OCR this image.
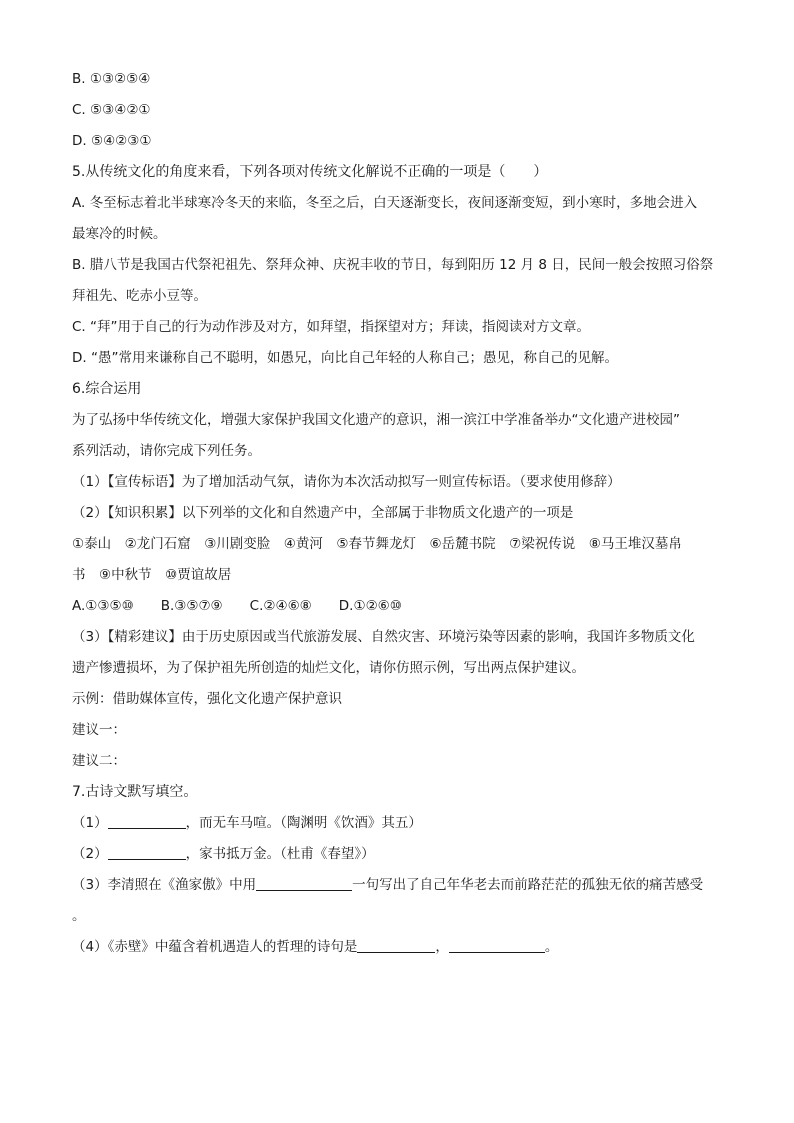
B. ①③②⑤④
C. ⑤③④②①
D. ⑤④②③①
5.从传统文化的角度来看，下列各项对传统文化解说不正确的一项是（　　）
A. 冬至标志着北半球寒冷冬天的来临，冬至之后，白天逐渐变长，夜间逐渐变短，到小寒时，多地会进入
最寒冷的时候。
B. 腊八节是我国古代祭祀祖先、祭拜众神、庆祝丰收的节日，每到阳历 12 月 8 日，民间一般会按照习俗祭
拜祖先、吃赤小豆等。
C. “拜”用于自己的行为动作涉及对方，如拜望，指探望对方；拜读，指阅读对方文章。
D. “愚”常用来谦称自己不聪明，如愚兄，向比自己年轻的人称自己；愚见，称自己的见解。
6.综合运用
为了弘扬中华传统文化，增强大家保护我国文化遗产的意识，湘一滨江中学准备举办“文化遗产进校园”
系列活动，请你完成下列任务。
（1）【宣传标语】为了增加活动气氛，请你为本次活动拟写一则宣传标语。（要求使用修辞）
（2）【知识积累】以下列举的文化和自然遗产中，全部属于非物质文化遗产的一项是
①泰山　②龙门石窟　③川剧变脸　④黄河　⑤春节舞龙灯　⑥岳麓书院　⑦梁祝传说　⑧马王堆汉墓帛
书　⑨中秋节　⑩贾谊故居
A.①③⑤⑩　　B.③⑤⑦⑨　　C.②④⑥⑧　　D.①②⑥⑩
（3）【精彩建议】由于历史原因或当代旅游发展、自然灾害、环境污染等因素的影响，我国许多物质文化
遗产惨遭损坏，为了保护祖先所创造的灿烂文化，请你仿照示例，写出两点保护建议。
示例：借助媒体宣传，强化文化遗产保护意识
建议一：
建议二：
7.古诗文默写填空。
（1）	，而无车马喧。（陶渊明《饮酒》其五）
（2）	，家书抵万金。（杜甫《春望》）
（3）李清照在《渔家傲》中用	一句写出了自己年华老去而前路茫茫的孤独无依的痛苦感受
。
（4）《赤壁》中蕴含着机遇造人的哲理的诗句是	，	。
